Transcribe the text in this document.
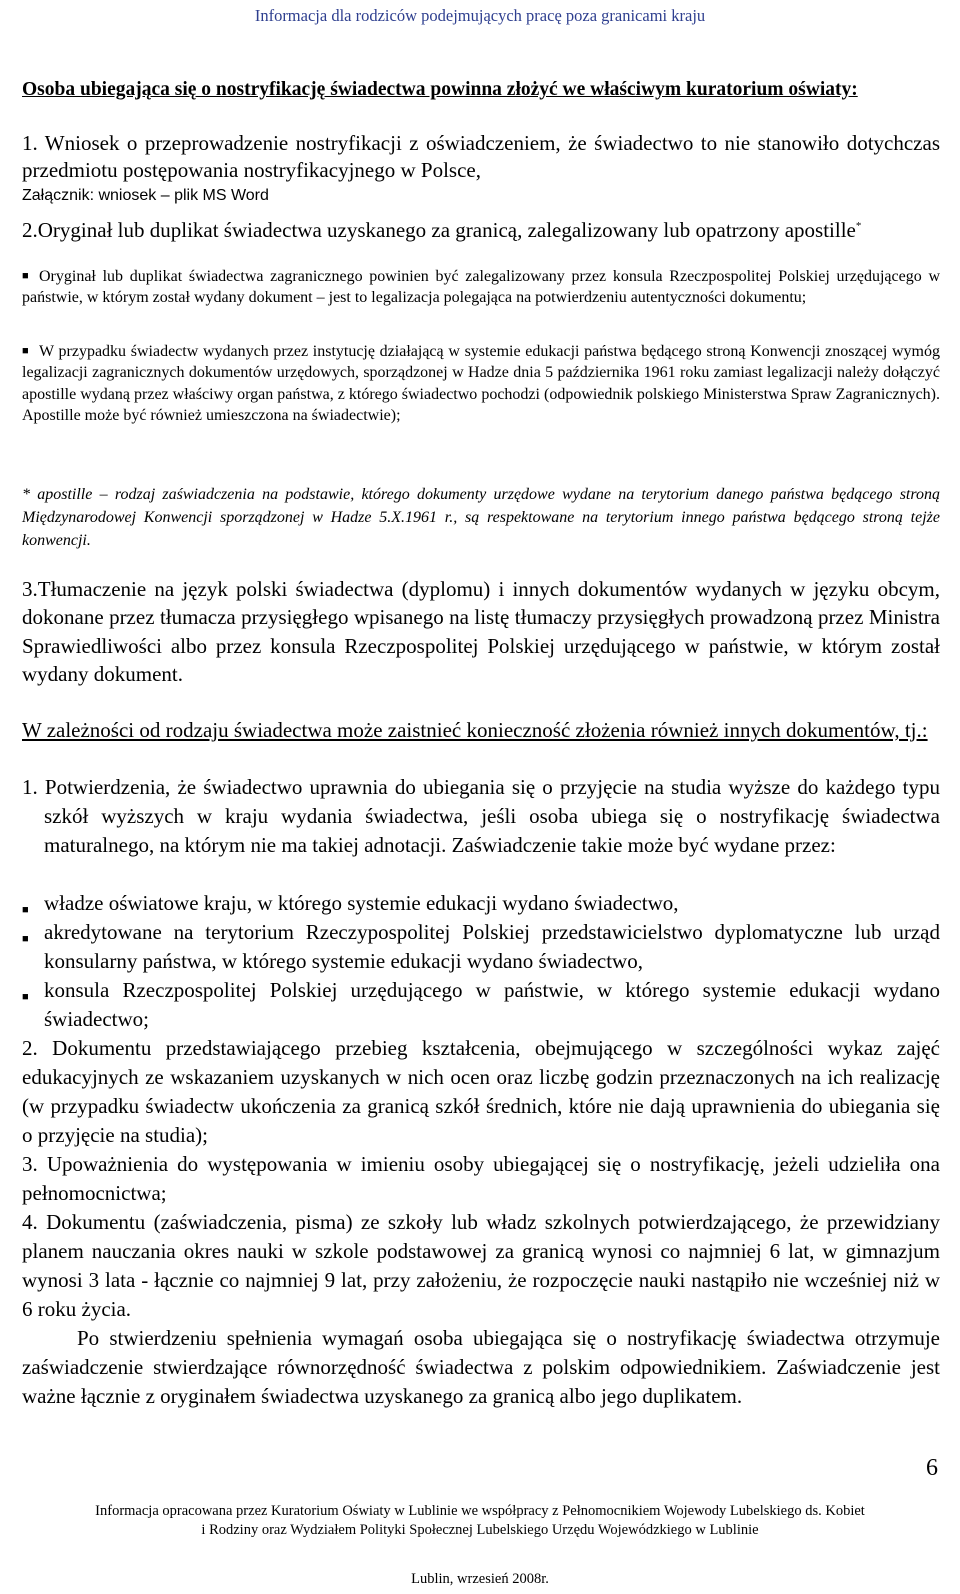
Informacja dla rodziców podejmujących pracę poza granicami kraju
Osoba ubiegająca się o nostryfikację świadectwa powinna złożyć we właściwym kuratorium oświaty:
1. Wniosek o przeprowadzenie nostryfikacji z oświadczeniem, że świadectwo to nie stanowiło dotychczas przedmiotu postępowania nostryfikacyjnego w Polsce,
Załącznik: wniosek – plik MS Word
2.Oryginał lub duplikat świadectwa uzyskanego za granicą, zalegalizowany lub opatrzony apostille*
■ Oryginał lub duplikat świadectwa zagranicznego powinien być zalegalizowany przez konsula Rzeczpospolitej Polskiej urzędującego w państwie, w którym został wydany dokument – jest to legalizacja polegająca na potwierdzeniu autentyczności dokumentu;
■ W przypadku świadectw wydanych przez instytucję działającą w systemie edukacji państwa będącego stroną Konwencji znoszącej wymóg legalizacji zagranicznych dokumentów urzędowych, sporządzonej w Hadze dnia 5 października 1961 roku zamiast legalizacji należy dołączyć apostille wydaną przez właściwy organ państwa, z którego świadectwo pochodzi (odpowiednik polskiego Ministerstwa Spraw Zagranicznych). Apostille może być również umieszczona na świadectwie);
* apostille – rodzaj zaświadczenia na podstawie, którego dokumenty urzędowe wydane na terytorium danego państwa będącego stroną Międzynarodowej Konwencji sporządzonej w Hadze 5.X.1961 r., są respektowane na terytorium innego państwa będącego stroną tejże konwencji.
3.Tłumaczenie na język polski świadectwa (dyplomu) i innych dokumentów wydanych w języku obcym, dokonane przez tłumacza przysięgłego wpisanego na listę tłumaczy przysięgłych prowadzoną przez Ministra Sprawiedliwości albo przez konsula Rzeczpospolitej Polskiej urzędującego w państwie, w którym został wydany dokument.
W zależności od rodzaju świadectwa może zaistnieć konieczność złożenia również innych dokumentów, tj.:
1. Potwierdzenia, że świadectwo uprawnia do ubiegania się o przyjęcie na studia wyższe do każdego typu szkół wyższych w kraju wydania świadectwa, jeśli osoba ubiega się o nostryfikację świadectwa maturalnego, na którym nie ma takiej adnotacji. Zaświadczenie takie może być wydane przez:
■ władze oświatowe kraju, w którego systemie edukacji wydano świadectwo,
■ akredytowane na terytorium Rzeczypospolitej Polskiej przedstawicielstwo dyplomatyczne lub urząd konsularny państwa, w którego systemie edukacji wydano świadectwo,
■ konsula Rzeczpospolitej Polskiej urzędującego w państwie, w którego systemie edukacji wydano świadectwo;
2. Dokumentu przedstawiającego przebieg kształcenia, obejmującego w szczególności wykaz zajęć edukacyjnych ze wskazaniem uzyskanych w nich ocen oraz liczbę godzin przeznaczonych na ich realizację (w przypadku świadectw ukończenia za granicą szkół średnich, które nie dają uprawnienia do ubiegania się o przyjęcie na studia);
3. Upoważnienia do występowania w imieniu osoby ubiegającej się o nostryfikację, jeżeli udzieliła ona pełnomocnictwa;
4. Dokumentu (zaświadczenia, pisma) ze szkoły lub władz szkolnych potwierdzającego, że przewidziany planem nauczania okres nauki w szkole podstawowej za granicą wynosi co najmniej 6 lat, w gimnazjum wynosi 3 lata - łącznie co najmniej 9 lat, przy założeniu, że rozpoczęcie nauki nastąpiło nie wcześniej niż w 6 roku życia.
Po stwierdzeniu spełnienia wymagań osoba ubiegająca się o nostryfikację świadectwa otrzymuje zaświadczenie stwierdzające równorzędność świadectwa z polskim odpowiednikiem. Zaświadczenie jest ważne łącznie z oryginałem świadectwa uzyskanego za granicą albo jego duplikatem.
6
Informacja opracowana przez Kuratorium Oświaty w Lublinie we współpracy z Pełnomocnikiem Wojewody Lubelskiego ds. Kobiet
i Rodziny oraz Wydziałem Polityki Społecznej Lubelskiego Urzędu Wojewódzkiego w Lublinie
Lublin, wrzesień 2008r.
